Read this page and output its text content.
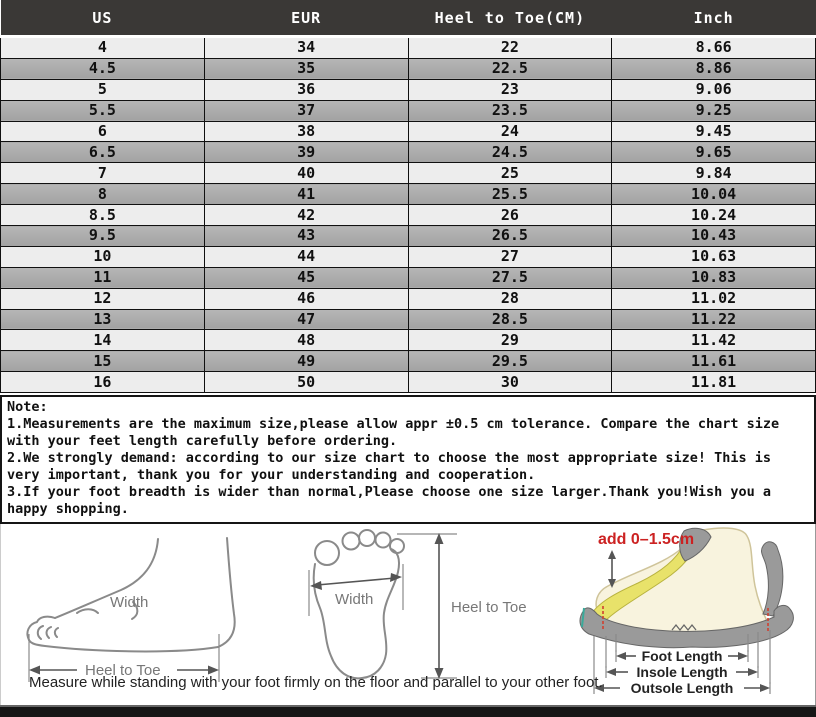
US	EUR	Heel to Toe(CM)	Inch
4	34	22	8.66
4.5	35	22.5	8.86
5	36	23	9.06
5.5	37	23.5	9.25
6	38	24	9.45
6.5	39	24.5	9.65
7	40	25	9.84
8	41	25.5	10.04
8.5	42	26	10.24
9.5	43	26.5	10.43
10	44	27	10.63
11	45	27.5	10.83
12	46	28	11.02
13	47	28.5	11.22
14	48	29	11.42
15	49	29.5	11.61
16	50	30	11.81

Note:

1.Measurements are the maximum size,please allow appr ±0.5 cm tolerance. Compare the chart size with your feet length carefully before ordering.

2.We strongly demand: according to our size chart to choose the most appropriate size! This is very important, thank you for your understanding and cooperation.

3.If your foot breadth is wider than normal,Please choose one size larger.Thank you!Wish you a happy shopping.

Width
Heel to Toe
Width	Heel to Toe
add 0–1.5cm
Foot Length
Insole Length
Outsole Length
Measure while standing with your foot firmly on the floor and parallel to your other foot.
